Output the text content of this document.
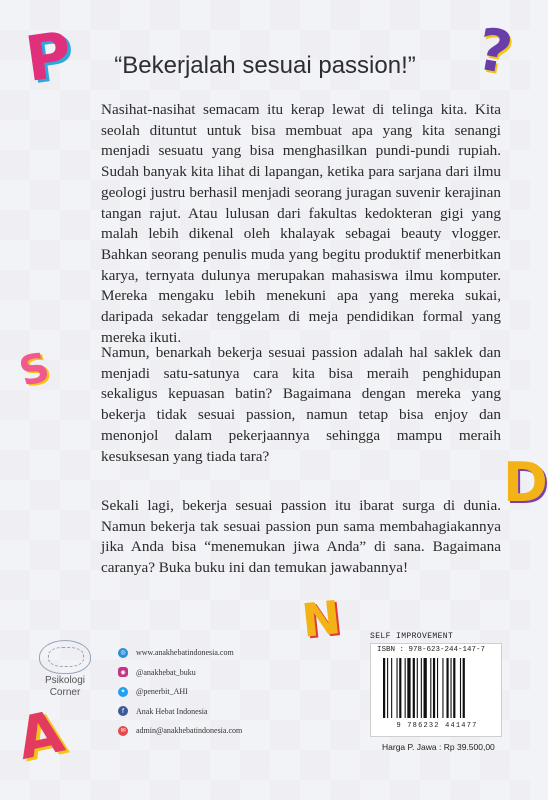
P	?
S
D
N
A
“Bekerjalah sesuai passion!”

Nasihat-nasihat semacam itu kerap lewat di telinga kita. Kita seolah dituntut untuk bisa membuat apa yang kita senangi menjadi sesuatu yang bisa menghasilkan pundi-pundi rupiah. Sudah banyak kita lihat di lapangan, ketika para sarjana dari ilmu geologi justru berhasil menjadi seorang juragan suvenir kerajinan tangan rajut. Atau lulusan dari fakultas kedokteran gigi yang malah lebih dikenal oleh khalayak sebagai beauty vlogger. Bahkan seorang penulis muda yang begitu produktif menerbitkan karya, ternyata dulunya merupakan mahasiswa ilmu komputer. Mereka mengaku lebih menekuni apa yang mereka sukai, daripada sekadar tenggelam di meja pendidikan formal yang mereka ikuti.

Namun, benarkah bekerja sesuai passion adalah hal saklek dan menjadi satu-satunya cara kita bisa meraih penghidupan sekaligus kepuasan batin? Bagaimana dengan mereka yang bekerja tidak sesuai passion, namun tetap bisa enjoy dan menonjol dalam pekerjaannya sehingga mampu meraih kesuksesan yang tiada tara?

Sekali lagi, bekerja sesuai passion itu ibarat surga di dunia. Namun bekerja tak sesuai passion pun sama membahagiakannya jika Anda bisa “menemukan jiwa Anda” di sana. Bagaimana caranya? Buka buku ini dan temukan jawabannya!

Psikologi
Corner
◎ www.anakhebatindonesia.com
◉ @anakhebat_buku
✦	@penerbit_AHI
f	Anak Hebat Indonesia
✉	admin@anakhebatindonesia.com
SELF IMPROVEMENT
ISBN : 978-623-244-147-7
9 786232 441477
Harga P. Jawa : Rp 39.500,00
